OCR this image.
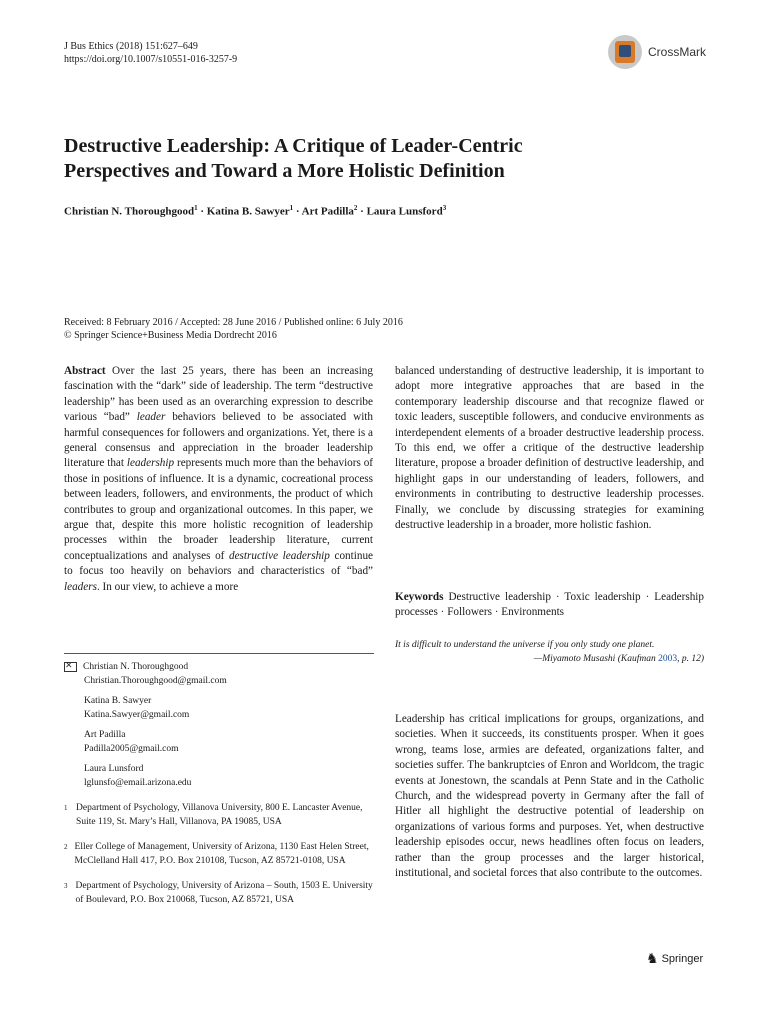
J Bus Ethics (2018) 151:627–649
https://doi.org/10.1007/s10551-016-3257-9
CrossMark
Destructive Leadership: A Critique of Leader-Centric
Perspectives and Toward a More Holistic Definition
Christian N. Thoroughgood$^1$ · Katina B. Sawyer$^1$ · Art Padilla$^2$ · Laura Lunsford$^3$
Received: 8 February 2016 / Accepted: 28 June 2016 / Published online: 6 July 2016
© Springer Science+Business Media Dordrecht 2016
Abstract Over the last 25 years, there has been an increasing fascination with the “dark” side of leadership. The term “destructive leadership” has been used as an overarching expression to describe various “bad” leader behaviors believed to be associated with harmful consequences for followers and organizations. Yet, there is a general consensus and appreciation in the broader leadership literature that leadership represents much more than the behaviors of those in positions of influence. It is a dynamic, cocreational process between leaders, followers, and environments, the product of which contributes to group and organizational outcomes. In this paper, we argue that, despite this more holistic recognition of leadership processes within the broader leadership literature, current conceptualizations and analyses of destructive leadership continue to focus too heavily on behaviors and characteristics of “bad” leaders. In our view, to achieve a more
balanced understanding of destructive leadership, it is important to adopt more integrative approaches that are based in the contemporary leadership discourse and that recognize flawed or toxic leaders, susceptible followers, and conducive environments as interdependent elements of a broader destructive leadership process. To this end, we offer a critique of the destructive leadership literature, propose a broader definition of destructive leadership, and highlight gaps in our understanding of leaders, followers, and environments in contributing to destructive leadership processes. Finally, we conclude by discussing strategies for examining destructive leadership in a broader, more holistic fashion.
Keywords Destructive leadership · Toxic leadership · Leadership processes · Followers · Environments
It is difficult to understand the universe if you only study one planet.
—Miyamoto Musashi (Kaufman 2003, p. 12)
✕Christian N. Thoroughgood
Christian.Thoroughgood@gmail.com
Katina B. Sawyer
Katina.Sawyer@gmail.com
Art Padilla
Padilla2005@gmail.com
Laura Lunsford
lglunsfo@email.arizona.edu
1 Department of Psychology, Villanova University, 800 E. Lancaster Avenue, Suite 119, St. Mary’s Hall, Villanova, PA 19085, USA
2 Eller College of Management, University of Arizona, 1130 East Helen Street, McClelland Hall 417, P.O. Box 210108, Tucson, AZ 85721-0108, USA
3 Department of Psychology, University of Arizona – South, 1503 E. University of Boulevard, P.O. Box 210068, Tucson, AZ 85721, USA
Leadership has critical implications for groups, organizations, and societies. When it succeeds, its constituents prosper. When it goes wrong, teams lose, armies are defeated, organizations falter, and societies suffer. The bankruptcies of Enron and Worldcom, the tragic events at Jonestown, the scandals at Penn State and in the Catholic Church, and the widespread poverty in Germany after the fall of Hitler all highlight the destructive potential of leadership on organizations of various forms and purposes. Yet, when destructive leadership episodes occur, news headlines often focus on leaders, rather than the group processes and the larger historical, institutional, and societal forces that also contribute to the outcomes.
♞ Springer
